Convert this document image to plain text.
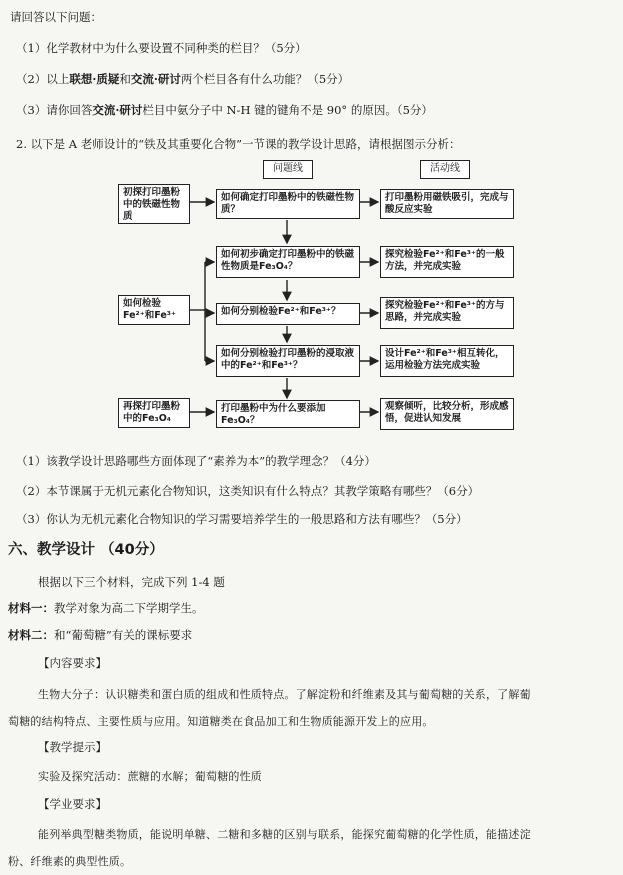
请回答以下问题：
（1）化学教材中为什么要设置不同种类的栏目？（5分）
（2）以上联想·质疑和交流·研讨两个栏目各有什么功能？（5分）
（3）请你回答交流·研讨栏目中氨分子中 N-H 键的键角不是 90° 的原因。（5分）
2. 以下是 A 老师设计的“铁及其重要化合物”一节课的教学设计思路，请根据图示分析：
问题线	活动线
初探打印墨粉中的铁磁性物质
如何检验 Fe²⁺和Fe³⁺
再探打印墨粉中的Fe₃O₄
如何确定打印墨粉中的铁磁性物质？
如何初步确定打印墨粉中的铁磁性物质是Fe₃O₄？
如何分别检验Fe²⁺和Fe³⁺？
如何分别检验打印墨粉的浸取液中的Fe²⁺和Fe³⁺？
打印墨粉中为什么要添加Fe₃O₄？
打印墨粉用磁铁吸引，完成与酸反应实验
探究检验Fe²⁺和Fe³⁺的一般方法，并完成实验
探究检验Fe²⁺和Fe³⁺的方与思路，并完成实验
设计Fe²⁺和Fe³⁺相互转化，运用检验方法完成实验
观察倾听，比较分析，形成感悟，促进认知发展
（1）该教学设计思路哪些方面体现了“素养为本”的教学理念？（4分）
（2）本节课属于无机元素化合物知识，这类知识有什么特点？其教学策略有哪些？（6分）
（3）你认为无机元素化合物知识的学习需要培养学生的一般思路和方法有哪些？（5分）
六、教学设计 （40分）
根据以下三个材料，完成下列 1-4 题
材料一：教学对象为高二下学期学生。
材料二：和“葡萄糖”有关的课标要求
【内容要求】
生物大分子：认识糖类和蛋白质的组成和性质特点。了解淀粉和纤维素及其与葡萄糖的关系，了解葡
萄糖的结构特点、主要性质与应用。知道糖类在食品加工和生物质能源开发上的应用。
【教学提示】
实验及探究活动：蔗糖的水解；葡萄糖的性质
【学业要求】
能列举典型糖类物质，能说明单糖、二糖和多糖的区别与联系，能探究葡萄糖的化学性质，能描述淀
粉、纤维素的典型性质。
